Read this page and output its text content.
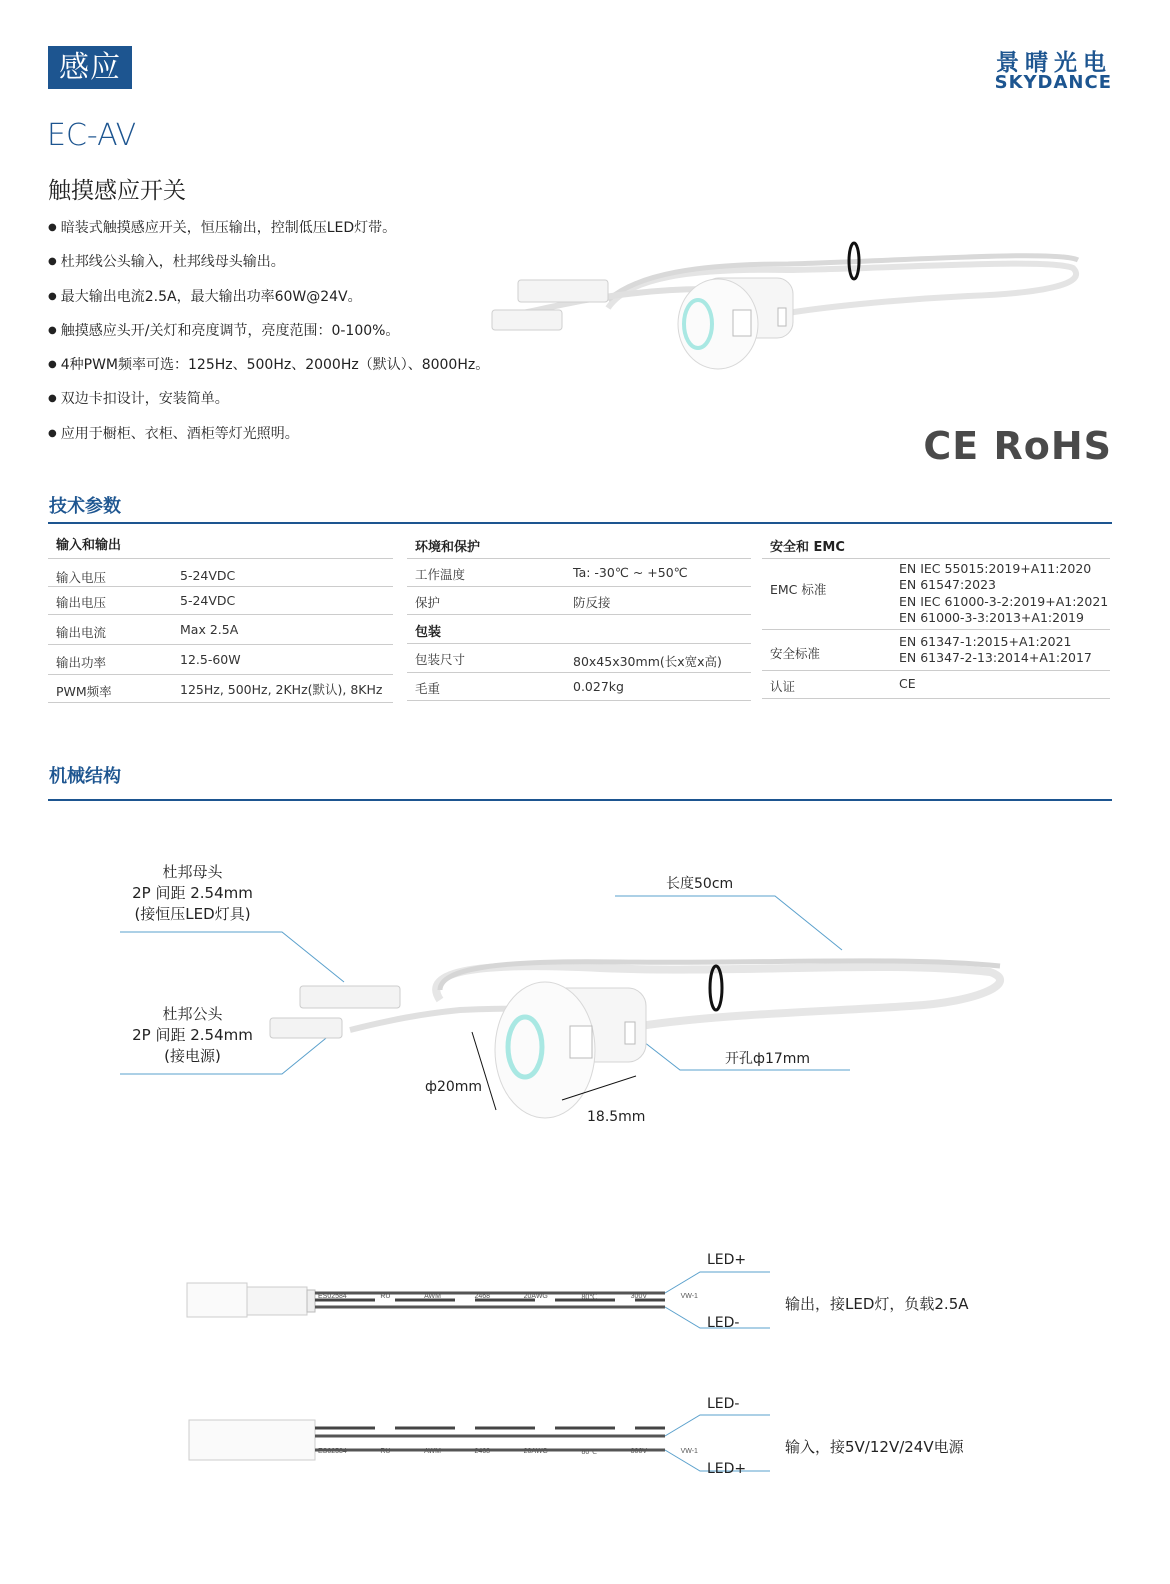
感应	景晴光电
SKYDANCE
EC-AV
触摸感应开关
● 暗装式触摸感应开关，恒压输出，控制低压LED灯带。
● 杜邦线公头输入，杜邦线母头输出。
● 最大输出电流2.5A，最大输出功率60W@24V。
● 触摸感应头开/关灯和亮度调节，亮度范围：0-100%。
● 4种PWM频率可选：125Hz、500Hz、2000Hz（默认）、8000Hz。
● 双边卡扣设计，安装简单。
● 应用于橱柜、衣柜、酒柜等灯光照明。	CE RoHS
技术参数
输入和输出
输入电压	5-24VDC
输出电压	5-24VDC
输出电流	Max 2.5A
输出功率	12.5-60W
PWM频率	125Hz, 500Hz, 2KHz(默认), 8KHz
环境和保护
工作温度	Ta: -30℃ ~ +50℃
保护	防反接
包装
包装尺寸	80x45x30mm(长x宽x高)
毛重	0.027kg
安全和 EMC
EMC 标准
EN IEC 55015:2019+A11:2020
EN 61547:2023
EN IEC 61000-3-2:2019+A1:2021
EN 61000-3-3:2013+A1:2019
安全标准
EN 61347-1:2015+A1:2021
EN 61347-2-13:2014+A1:2017
认证	CE
机械结构
杜邦母头
2P 间距 2.54mm
(接恒压LED灯具)
杜邦公头
2P 间距 2.54mm
(接电源)
长度50cm
开孔ф17mm
ф20mm
18.5mm
ES02584	RU	AWM	2468	20AWG	80℃	300V	VW-1
ES02584	RU	AWM	2468	20AWG	80℃	300V	VW-1
LED+
LED-
输出，接LED灯，负载2.5A
LED-
LED+
输入，接5V/12V/24V电源
